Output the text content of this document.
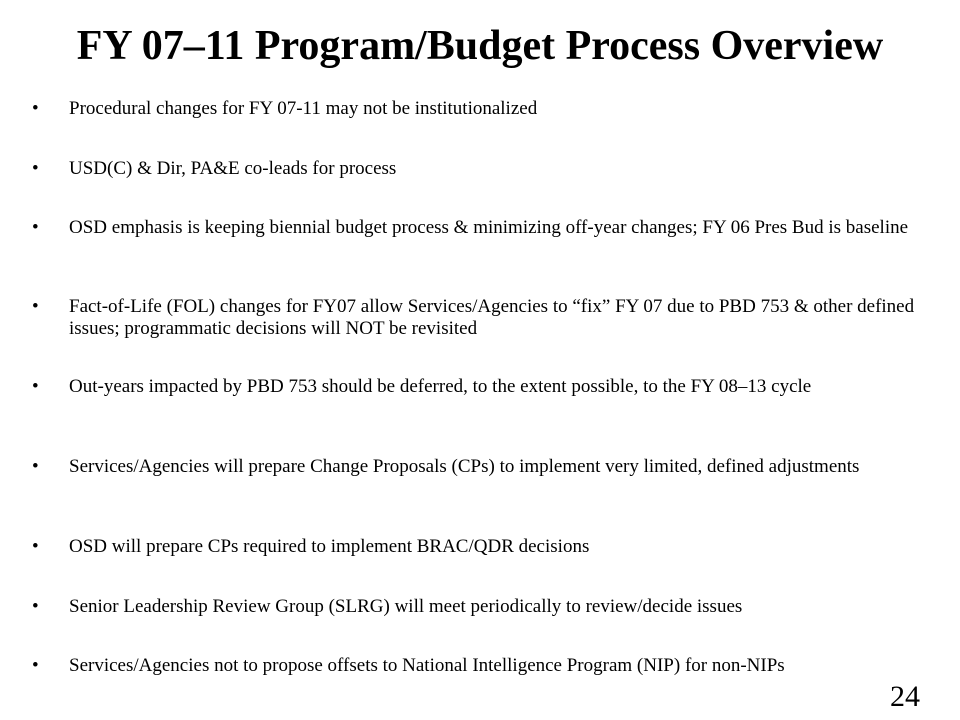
FY 07–11 Program/Budget Process Overview
• Procedural changes for FY 07-11 may not be institutionalized
• USD(C) & Dir, PA&E co-leads for process
• OSD emphasis is keeping biennial budget process & minimizing off-year changes; FY 06 Pres Bud is baseline
• Fact-of-Life (FOL) changes for FY07 allow Services/Agencies to “fix” FY 07 due to PBD 753 & other defined issues; programmatic decisions will NOT be revisited
• Out-years impacted by PBD 753 should be deferred, to the extent possible, to the FY 08–13 cycle
• Services/Agencies will prepare Change Proposals (CPs) to implement very limited, defined adjustments
• OSD will prepare CPs required to implement BRAC/QDR decisions
• Senior Leadership Review Group (SLRG) will meet periodically to review/decide issues
• Services/Agencies not to propose offsets to National Intelligence Program (NIP) for non-NIPs
24
